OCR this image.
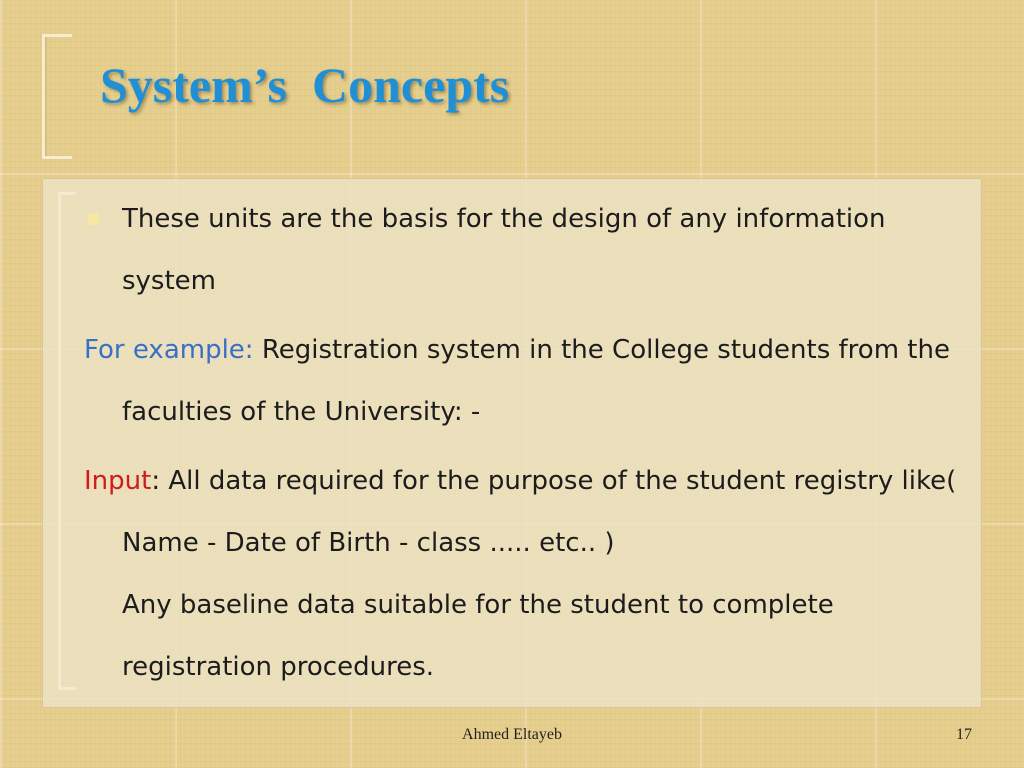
System’s  Concepts

These units are the basis for the design of any information system

For example: Registration system in the College students from the faculties of the University: -

Input: All data required for the purpose of the student registry like( Name - Date of Birth - class ..... etc.. )

Any baseline data suitable for the student to complete registration procedures.

Ahmed Eltayeb	17
